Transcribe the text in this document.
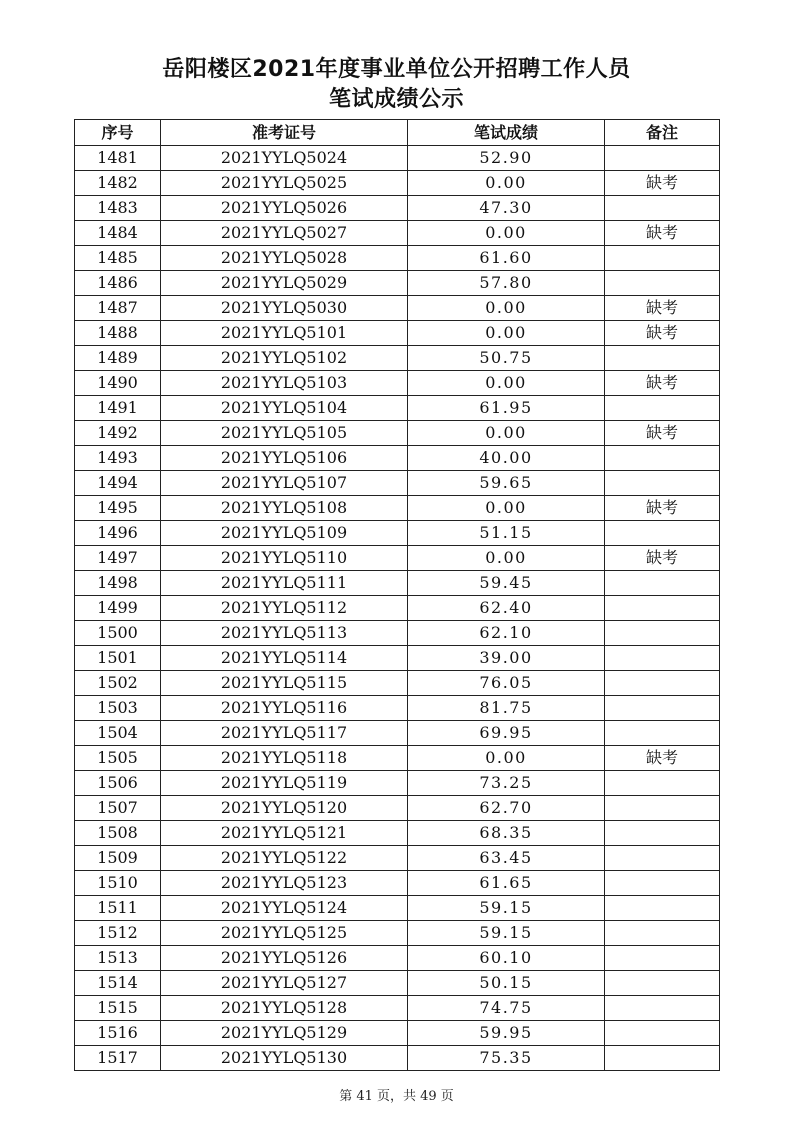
岳阳楼区2021年度事业单位公开招聘工作人员
笔试成绩公示
序号	准考证号	笔试成绩	备注
1481	2021YYLQ5024	52.90	
1482	2021YYLQ5025	0.00	缺考
1483	2021YYLQ5026	47.30	
1484	2021YYLQ5027	0.00	缺考
1485	2021YYLQ5028	61.60	
1486	2021YYLQ5029	57.80	
1487	2021YYLQ5030	0.00	缺考
1488	2021YYLQ5101	0.00	缺考
1489	2021YYLQ5102	50.75	
1490	2021YYLQ5103	0.00	缺考
1491	2021YYLQ5104	61.95	
1492	2021YYLQ5105	0.00	缺考
1493	2021YYLQ5106	40.00	
1494	2021YYLQ5107	59.65	
1495	2021YYLQ5108	0.00	缺考
1496	2021YYLQ5109	51.15	
1497	2021YYLQ5110	0.00	缺考
1498	2021YYLQ5111	59.45	
1499	2021YYLQ5112	62.40	
1500	2021YYLQ5113	62.10	
1501	2021YYLQ5114	39.00	
1502	2021YYLQ5115	76.05	
1503	2021YYLQ5116	81.75	
1504	2021YYLQ5117	69.95	
1505	2021YYLQ5118	0.00	缺考
1506	2021YYLQ5119	73.25	
1507	2021YYLQ5120	62.70	
1508	2021YYLQ5121	68.35	
1509	2021YYLQ5122	63.45	
1510	2021YYLQ5123	61.65	
1511	2021YYLQ5124	59.15	
1512	2021YYLQ5125	59.15	
1513	2021YYLQ5126	60.10	
1514	2021YYLQ5127	50.15	
1515	2021YYLQ5128	74.75	
1516	2021YYLQ5129	59.95	
1517	2021YYLQ5130	75.35	
第 41 页，共 49 页
